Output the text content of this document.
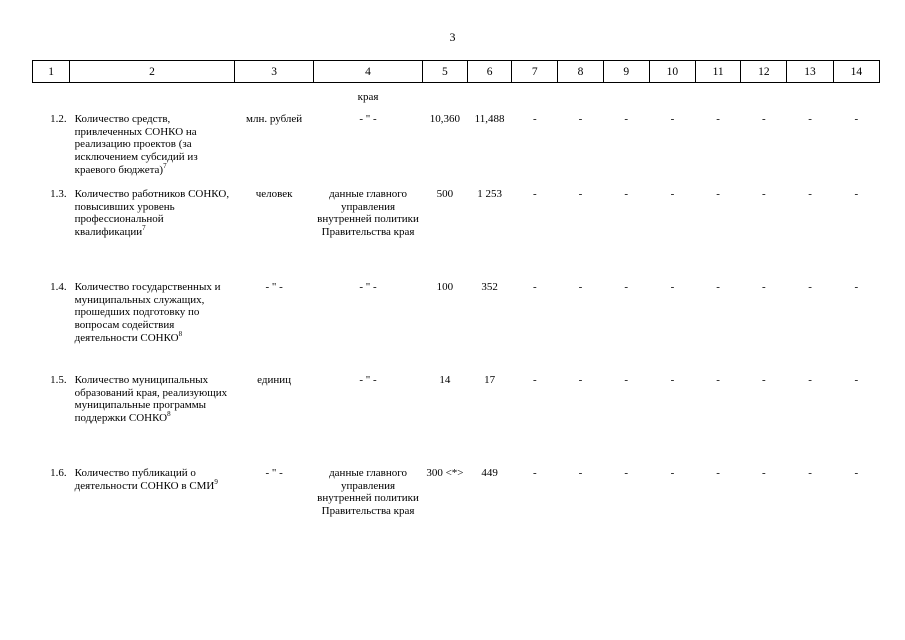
3
1	2	3	4	5	6	7	8	9	10	11	12	13	14
			края										
1.2.	Количество средств, привлеченных СОНКО на реализацию проектов (за исключением субсидий из краевого бюджета)$^7$	млн. рублей	- " -	10,360	11,488	-	-	-	-	-	-	-	-
1.3.	Количество работников СОНКО, повысивших уровень профессиональной квалификации$^7$	человек	данные главного управления внутренней политики Правительства края	500	1 253	-	-	-	-	-	-	-	-
1.4.	Количество государственных и муниципальных служащих, прошедших подготовку по вопросам содействия деятельности СОНКО$^8$	- " -	- " -	100	352	-	-	-	-	-	-	-	-
1.5.	Количество муниципальных образований края, реализующих муниципальные программы поддержки СОНКО$^8$	единиц	- " -	14	17	-	-	-	-	-	-	-	-
1.6.	Количество публикаций о деятельности СОНКО в СМИ$^9$	- " -	данные главного управления внутренней политики Правительства края	300 <*>	449	-	-	-	-	-	-	-	-
